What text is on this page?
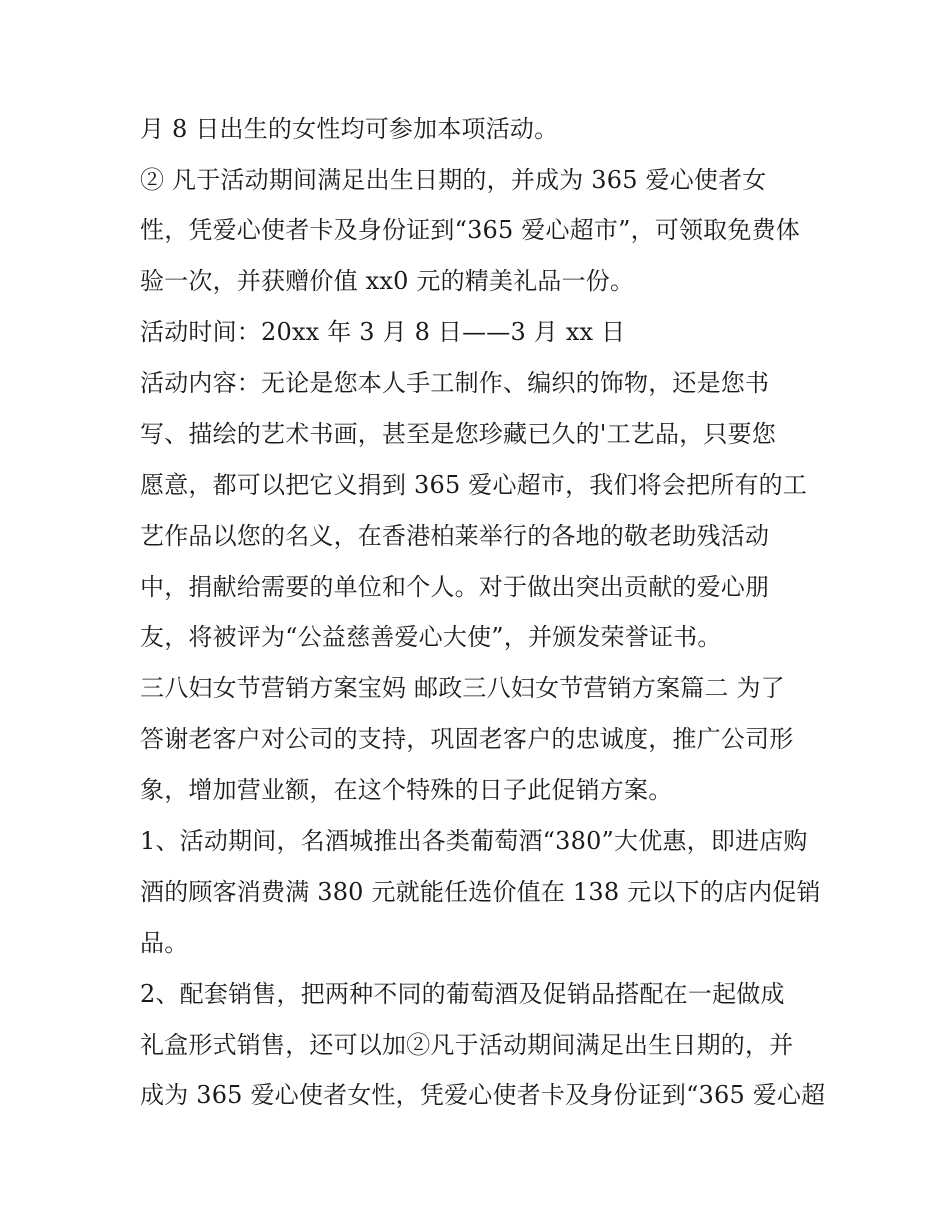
月 8 日出生的女性均可参加本项活动。
② 凡于活动期间满足出生日期的，并成为 365 爱心使者女
性，凭爱心使者卡及身份证到“365 爱心超市”，可领取免费体
验一次，并获赠价值 xx0 元的精美礼品一份。
活动时间：20xx 年 3 月 8 日——3 月 xx 日
活动内容：无论是您本人手工制作、编织的饰物，还是您书
写、描绘的艺术书画，甚至是您珍藏已久的'工艺品，只要您
愿意，都可以把它义捐到 365 爱心超市，我们将会把所有的工
艺作品以您的名义，在香港柏莱举行的各地的敬老助残活动
中，捐献给需要的单位和个人。对于做出突出贡献的爱心朋
友，将被评为“公益慈善爱心大使”，并颁发荣誉证书。
三八妇女节营销方案宝妈 邮政三八妇女节营销方案篇二 为了
答谢老客户对公司的支持，巩固老客户的忠诚度，推广公司形
象，增加营业额，在这个特殊的日子此促销方案。
1、活动期间，名酒城推出各类葡萄酒“380”大优惠，即进店购
酒的顾客消费满 380 元就能任选价值在 138 元以下的店内促销
品。
2、配套销售，把两种不同的葡萄酒及促销品搭配在一起做成
礼盒形式销售，还可以加②凡于活动期间满足出生日期的，并
成为 365 爱心使者女性，凭爱心使者卡及身份证到“365 爱心超
